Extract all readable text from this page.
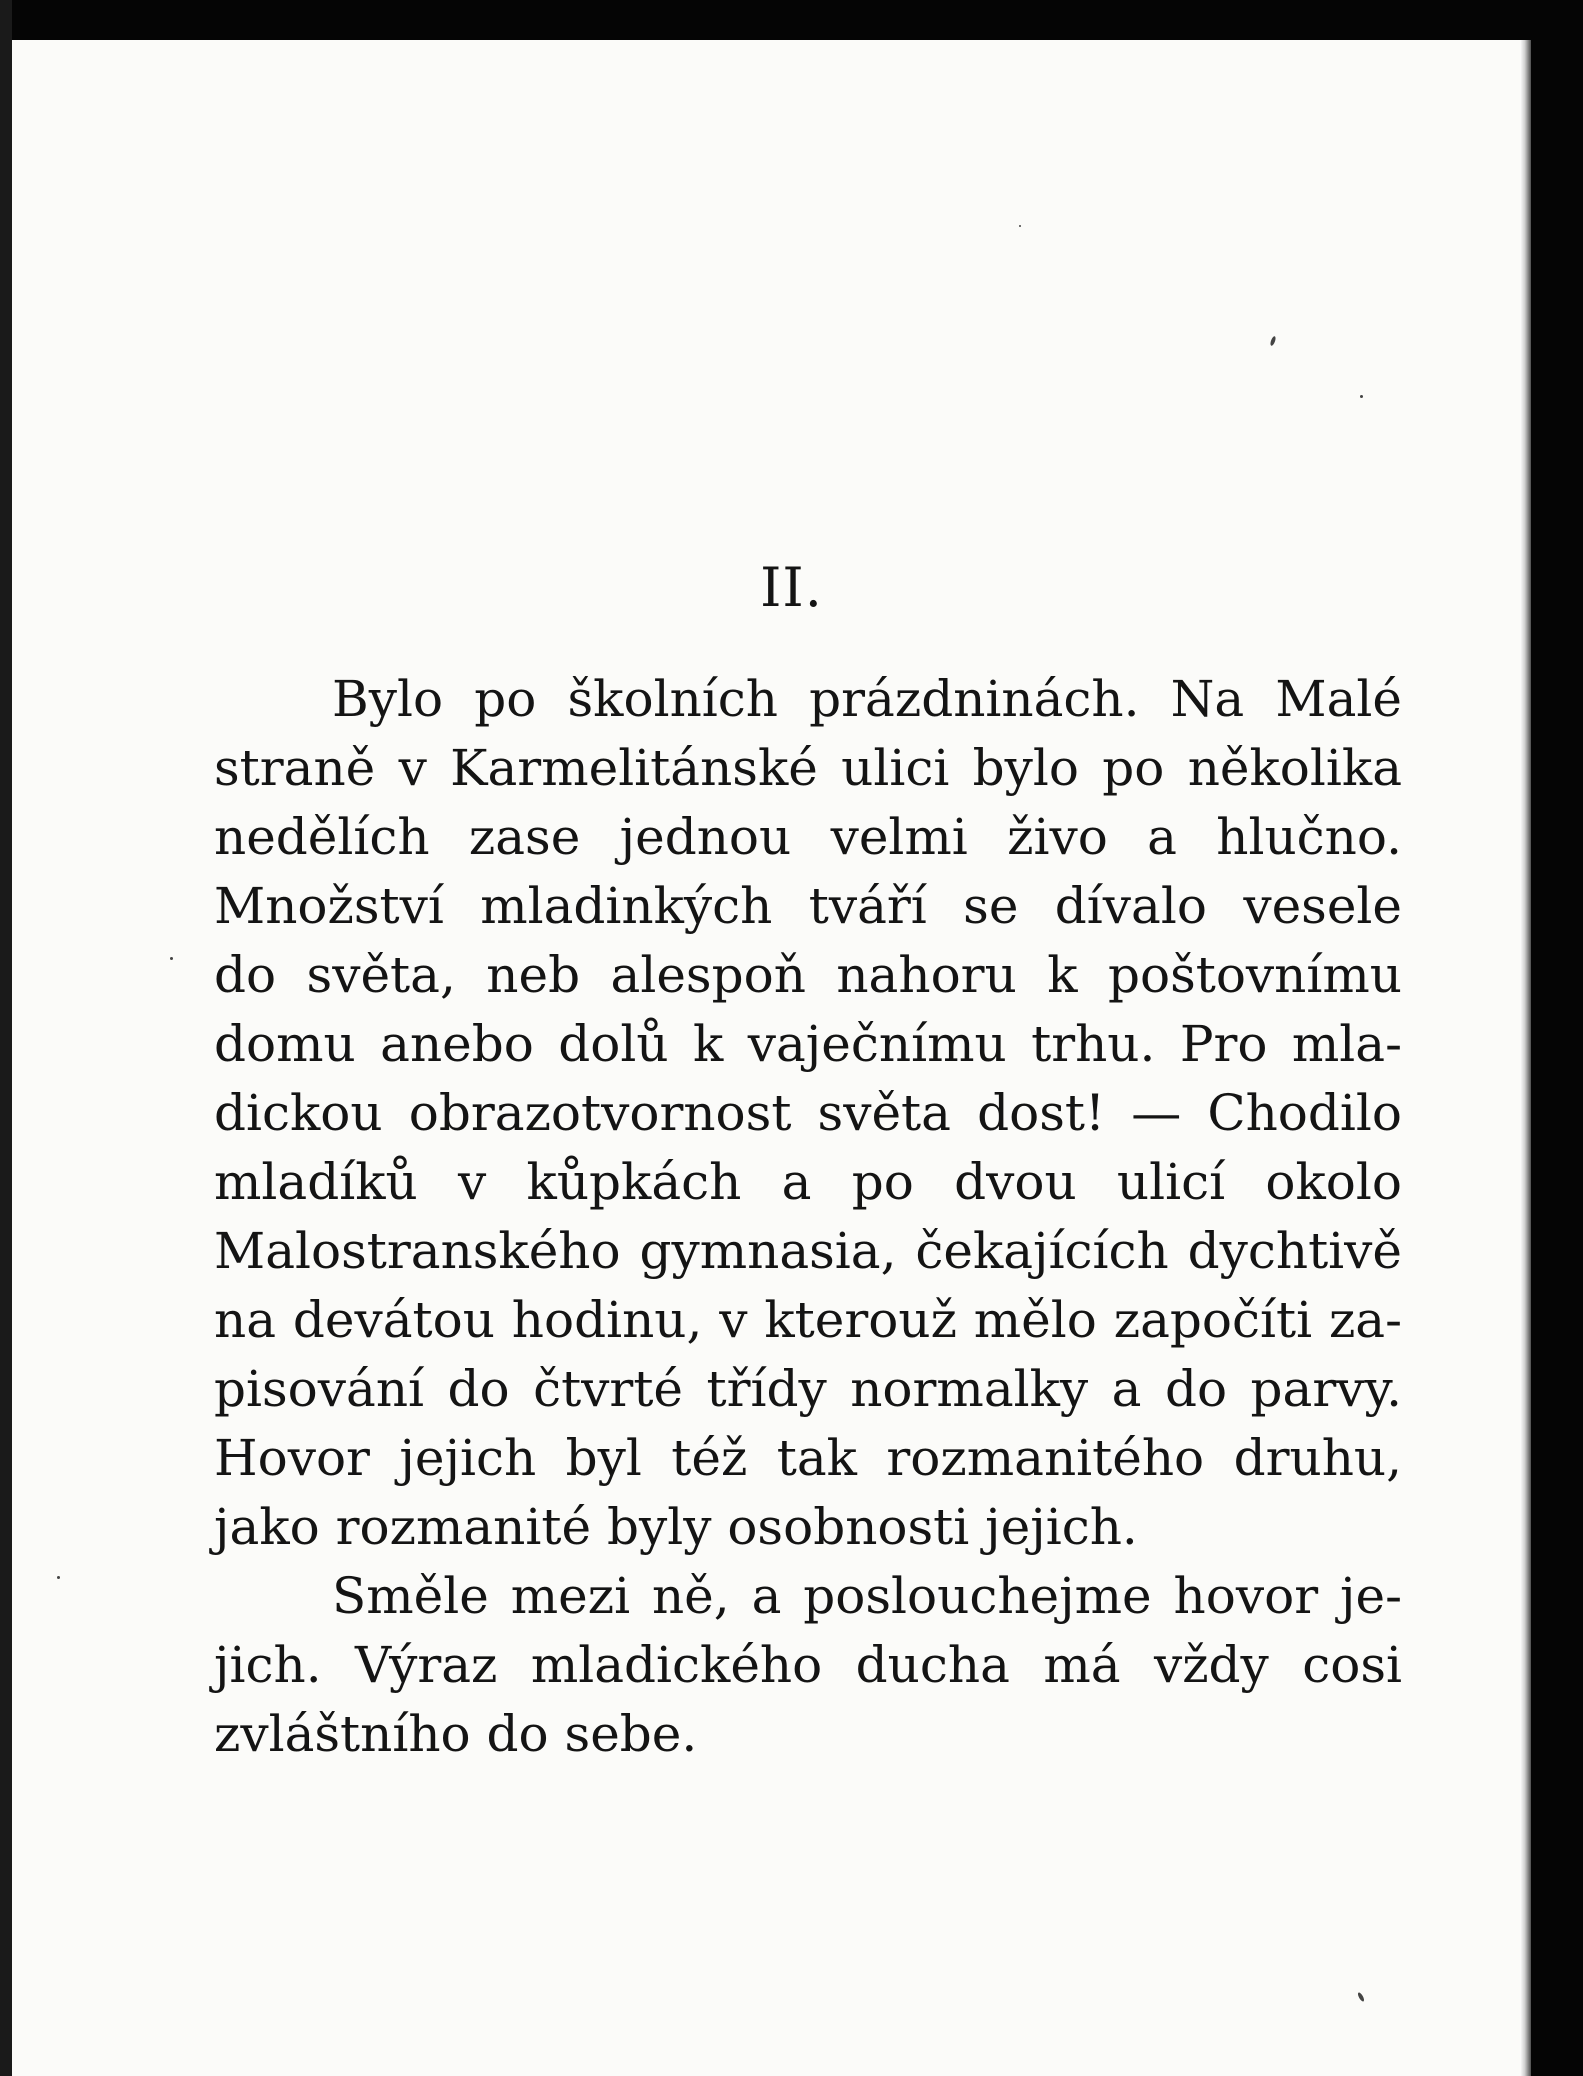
II.
Bylo po školních prázdninách. Na Malé
straně v Karmelitánské ulici bylo po několika
nedělích zase jednou velmi živo a hlučno.
Množství mladinkých tváří se dívalo vesele
do světa, neb alespoň nahoru k poštovnímu
domu anebo dolů k vaječnímu trhu. Pro mla-
dickou obrazotvornost světa dost! — Chodilo
mladíků v kůpkách a po dvou ulicí okolo
Malostranského gymnasia, čekajících dychtivě
na devátou hodinu, v kterouž mělo započíti za-
pisování do čtvrté třídy normalky a do parvy.
Hovor jejich byl též tak rozmanitého druhu,
jako rozmanité byly osobnosti jejich.
Směle mezi ně, a poslouchejme hovor je-
jich. Výraz mladického ducha má vždy cosi
zvláštního do sebe.
